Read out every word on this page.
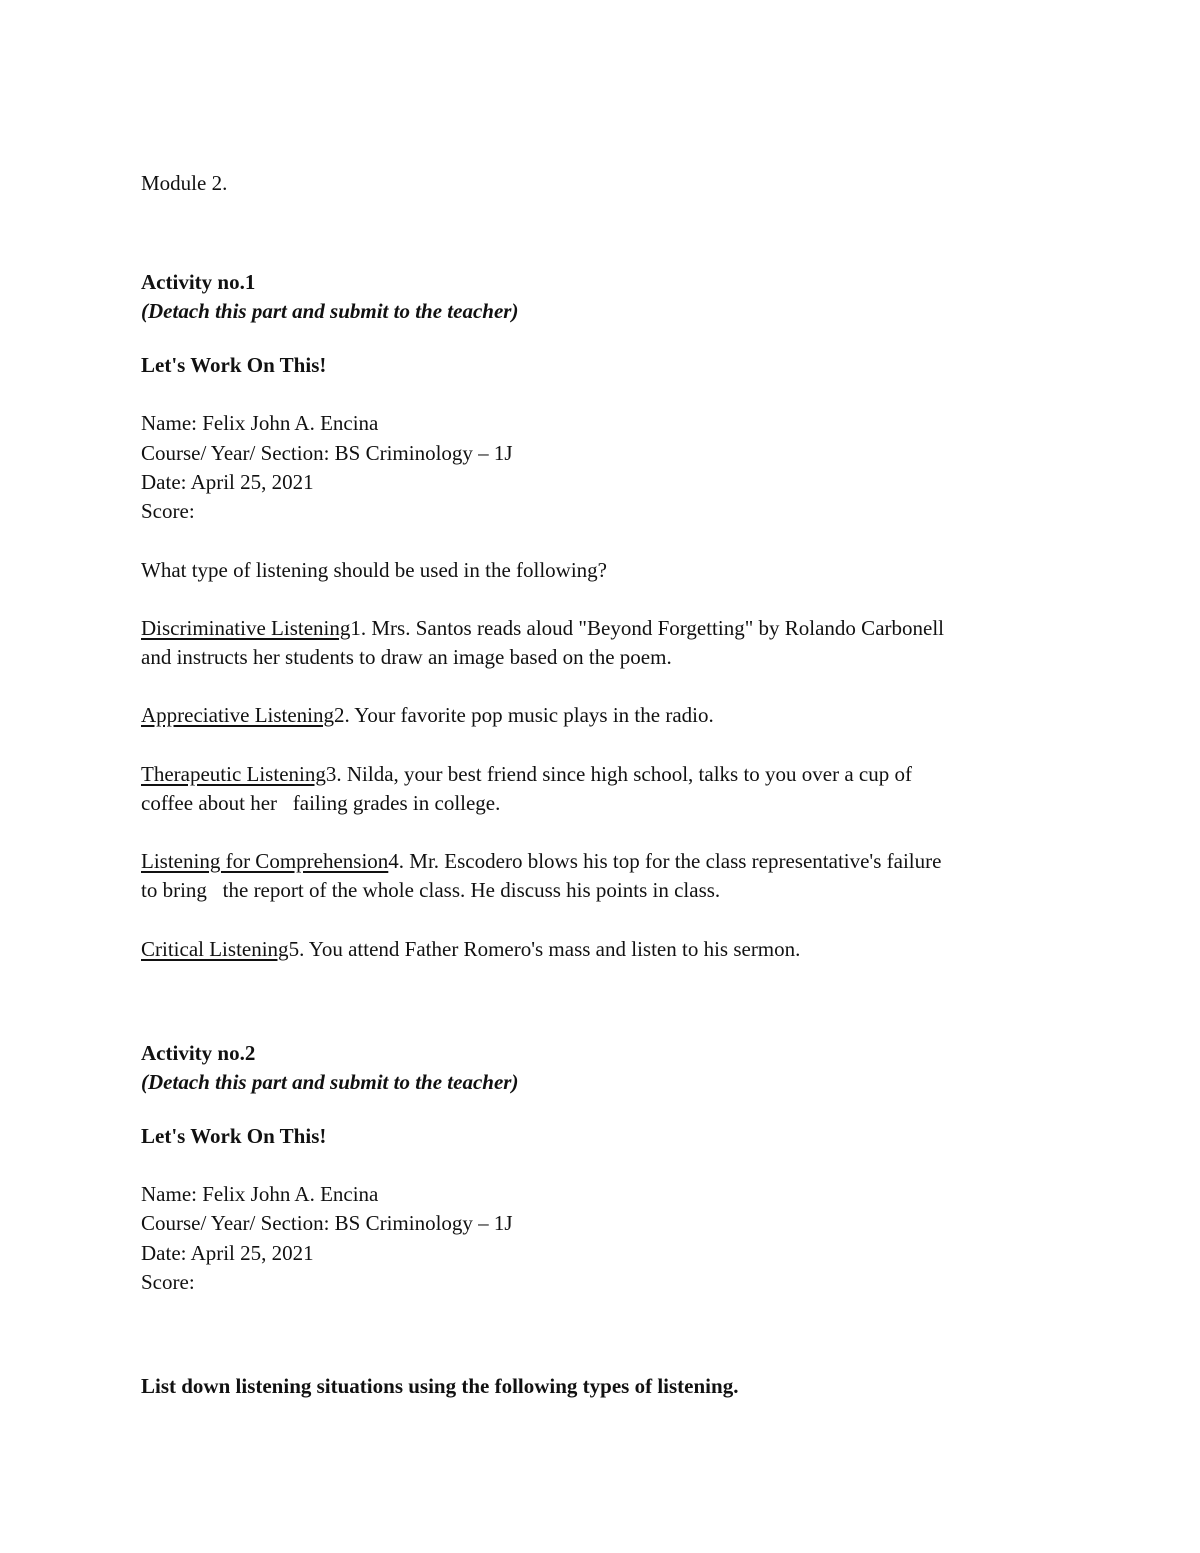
Module 2.
Activity no.1
(Detach this part and submit to the teacher)
Let's Work On This!
Name: Felix John A. Encina
Course/ Year/ Section: BS Criminology – 1J
Date: April 25, 2021
Score:
What type of listening should be used in the following?
Discriminative Listening1. Mrs. Santos reads aloud "Beyond Forgetting" by Rolando Carbonell
and instructs her students to draw an image based on the poem.
Appreciative Listening2. Your favorite pop music plays in the radio.
Therapeutic Listening3. Nilda, your best friend since high school, talks to you over a cup of
coffee about her   failing grades in college.
Listening for Comprehension4. Mr. Escodero blows his top for the class representative's failure
to bring   the report of the whole class. He discuss his points in class.
Critical Listening5. You attend Father Romero's mass and listen to his sermon.
Activity no.2
(Detach this part and submit to the teacher)
Let's Work On This!
Name: Felix John A. Encina
Course/ Year/ Section: BS Criminology – 1J
Date: April 25, 2021
Score:
List down listening situations using the following types of listening.
